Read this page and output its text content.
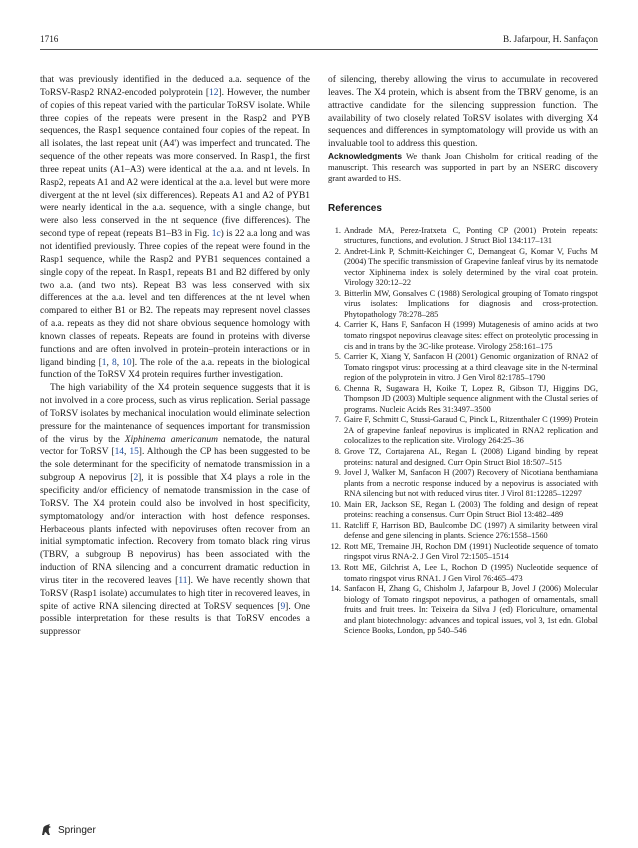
1716	B. Jafarpour, H. Sanfaçon

that was previously identified in the deduced a.a. sequence of the ToRSV-Rasp2 RNA2-encoded polyprotein [12]. However, the number of copies of this repeat varied with the particular ToRSV isolate. While three copies of the repeats were present in the Rasp2 and PYB sequences, the Rasp1 sequence contained four copies of the repeat. In all isolates, the last repeat unit (A4') was imperfect and truncated. The sequence of the other repeats was more conserved. In Rasp1, the first three repeat units (A1–A3) were identical at the a.a. and nt levels. In Rasp2, repeats A1 and A2 were identical at the a.a. level but were more divergent at the nt level (six differences). Repeats A1 and A2 of PYB1 were nearly identical in the a.a. sequence, with a single change, but were also less conserved in the nt sequence (five differences). The second type of repeat (repeats B1–B3 in Fig. 1c) is 22 a.a long and was not identified previously. Three copies of the repeat were found in the Rasp1 sequence, while the Rasp2 and PYB1 sequences contained a single copy of the repeat. In Rasp1, repeats B1 and B2 differed by only two a.a. (and two nts). Repeat B3 was less conserved with six differences at the a.a. level and ten differences at the nt level when compared to either B1 or B2. The repeats may represent novel classes of a.a. repeats as they did not share obvious sequence homology with known classes of repeats. Repeats are found in proteins with diverse functions and are often involved in protein–protein interactions or in ligand binding [1, 8, 10]. The role of the a.a. repeats in the biological function of the ToRSV X4 protein requires further investigation.

The high variability of the X4 protein sequence suggests that it is not involved in a core process, such as virus replication. Serial passage of ToRSV isolates by mechanical inoculation would eliminate selection pressure for the maintenance of sequences important for transmission of the virus by the Xiphinema americanum nematode, the natural vector for ToRSV [14, 15]. Although the CP has been suggested to be the sole determinant for the specificity of nematode transmission in a subgroup A nepovirus [2], it is possible that X4 plays a role in the specificity and/or efficiency of nematode transmission in the case of ToRSV. The X4 protein could also be involved in host specificity, symptomatology and/or interaction with host defence responses. Herbaceous plants infected with nepoviruses often recover from an initial symptomatic infection. Recovery from tomato black ring virus (TBRV, a subgroup B nepovirus) has been associated with the induction of RNA silencing and a concurrent dramatic reduction in virus titer in the recovered leaves [11]. We have recently shown that ToRSV (Rasp1 isolate) accumulates to high titer in recovered leaves, in spite of active RNA silencing directed at ToRSV sequences [9]. One possible interpretation for these results is that ToRSV encodes a suppressor

of silencing, thereby allowing the virus to accumulate in recovered leaves. The X4 protein, which is absent from the TBRV genome, is an attractive candidate for the silencing suppression function. The availability of two closely related ToRSV isolates with diverging X4 sequences and differences in symptomatology will provide us with an invaluable tool to address this question.

Acknowledgments We thank Joan Chisholm for critical reading of the manuscript. This research was supported in part by an NSERC discovery grant awarded to HS.

References
1. Andrade MA, Perez-Iratxeta C, Ponting CP (2001) Protein repeats: structures, functions, and evolution. J Struct Biol 134:117–131
2. Andret-Link P, Schmitt-Keichinger C, Demangeat G, Komar V, Fuchs M (2004) The specific transmission of Grapevine fanleaf virus by its nematode vector Xiphinema index is solely determined by the viral coat protein. Virology 320:12–22
3. Bitterlin MW, Gonsalves C (1988) Serological grouping of Tomato ringspot virus isolates: Implications for diagnosis and cross-protection. Phytopathology 78:278–285
4. Carrier K, Hans F, Sanfacon H (1999) Mutagenesis of amino acids at two tomato ringspot nepovirus cleavage sites: effect on proteolytic processing in cis and in trans by the 3C-like protease. Virology 258:161–175
5. Carrier K, Xiang Y, Sanfacon H (2001) Genomic organization of RNA2 of Tomato ringspot virus: processing at a third cleavage site in the N-terminal region of the polyprotein in vitro. J Gen Virol 82:1785–1790
6. Chenna R, Sugawara H, Koike T, Lopez R, Gibson TJ, Higgins DG, Thompson JD (2003) Multiple sequence alignment with the Clustal series of programs. Nucleic Acids Res 31:3497–3500
7. Gaire F, Schmitt C, Stussi-Garaud C, Pinck L, Ritzenthaler C (1999) Protein 2A of grapevine fanleaf nepovirus is implicated in RNA2 replication and colocalizes to the replication site. Virology 264:25–36
8. Grove TZ, Cortajarena AL, Regan L (2008) Ligand binding by repeat proteins: natural and designed. Curr Opin Struct Biol 18:507–515
9. Jovel J, Walker M, Sanfacon H (2007) Recovery of Nicotiana benthamiana plants from a necrotic response induced by a nepovirus is associated with RNA silencing but not with reduced virus titer. J Virol 81:12285–12297
10. Main ER, Jackson SE, Regan L (2003) The folding and design of repeat proteins: reaching a consensus. Curr Opin Struct Biol 13:482–489
11. Ratcliff F, Harrison BD, Baulcombe DC (1997) A similarity between viral defense and gene silencing in plants. Science 276:1558–1560
12. Rott ME, Tremaine JH, Rochon DM (1991) Nucleotide sequence of tomato ringspot virus RNA-2. J Gen Virol 72:1505–1514
13. Rott ME, Gilchrist A, Lee L, Rochon D (1995) Nucleotide sequence of tomato ringspot virus RNA1. J Gen Virol 76:465–473
14. Sanfacon H, Zhang G, Chisholm J, Jafarpour B, Jovel J (2006) Molecular biology of Tomato ringspot nepovirus, a pathogen of ornamentals, small fruits and fruit trees. In: Teixeira da Silva J (ed) Floriculture, ornamental and plant biotechnology: advances and topical issues, vol 3, 1st edn. Global Science Books, London, pp 540–546
Springer
